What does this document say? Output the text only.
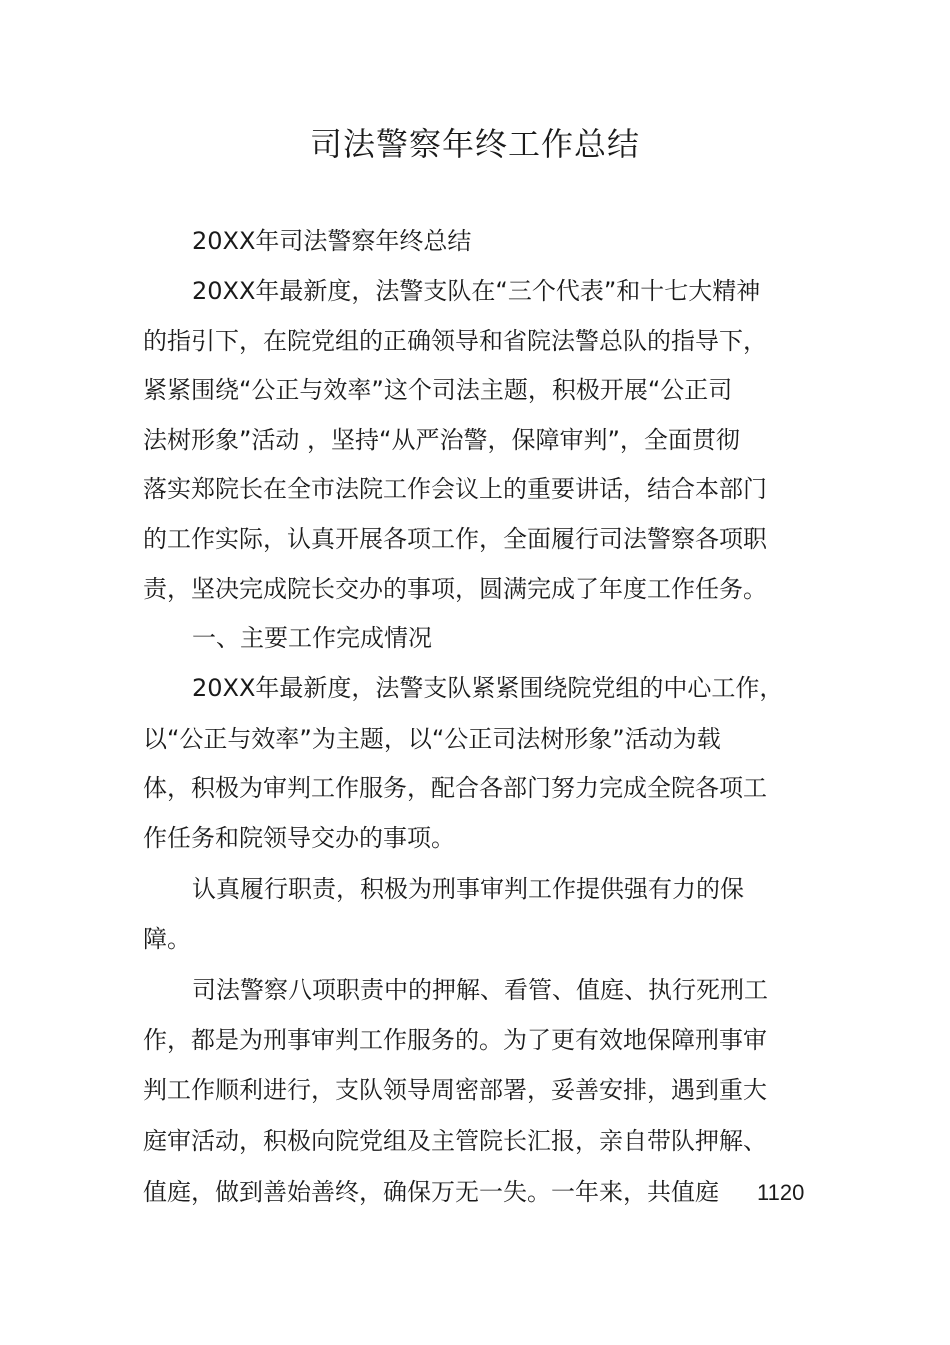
司法警察年终工作总结
20XX年司法警察年终总结
20XX年最新度，法警支队在“三个代表”和十七大精神
的指引下，在院党组的正确领导和省院法警总队的指导下，
紧紧围绕“公正与效率”这个司法主题，积极开展“公正司
法树形象”活动 ，坚持“从严治警，保障审判”，全面贯彻
落实郑院长在全市法院工作会议上的重要讲话，结合本部门
的工作实际，认真开展各项工作，全面履行司法警察各项职
责，坚决完成院长交办的事项，圆满完成了年度工作任务。
一、主要工作完成情况
20XX年最新度，法警支队紧紧围绕院党组的中心工作，
以“公正与效率”为主题，以“公正司法树形象”活动为载
体，积极为审判工作服务，配合各部门努力完成全院各项工
作任务和院领导交办的事项。
认真履行职责，积极为刑事审判工作提供强有力的保
障。
司法警察八项职责中的押解、看管、值庭、执行死刑工
作，都是为刑事审判工作服务的。为了更有效地保障刑事审
判工作顺利进行，支队领导周密部署，妥善安排，遇到重大
庭审活动，积极向院党组及主管院长汇报，亲自带队押解、
值庭，做到善始善终，确保万无一失。一年来，共值庭 1120
